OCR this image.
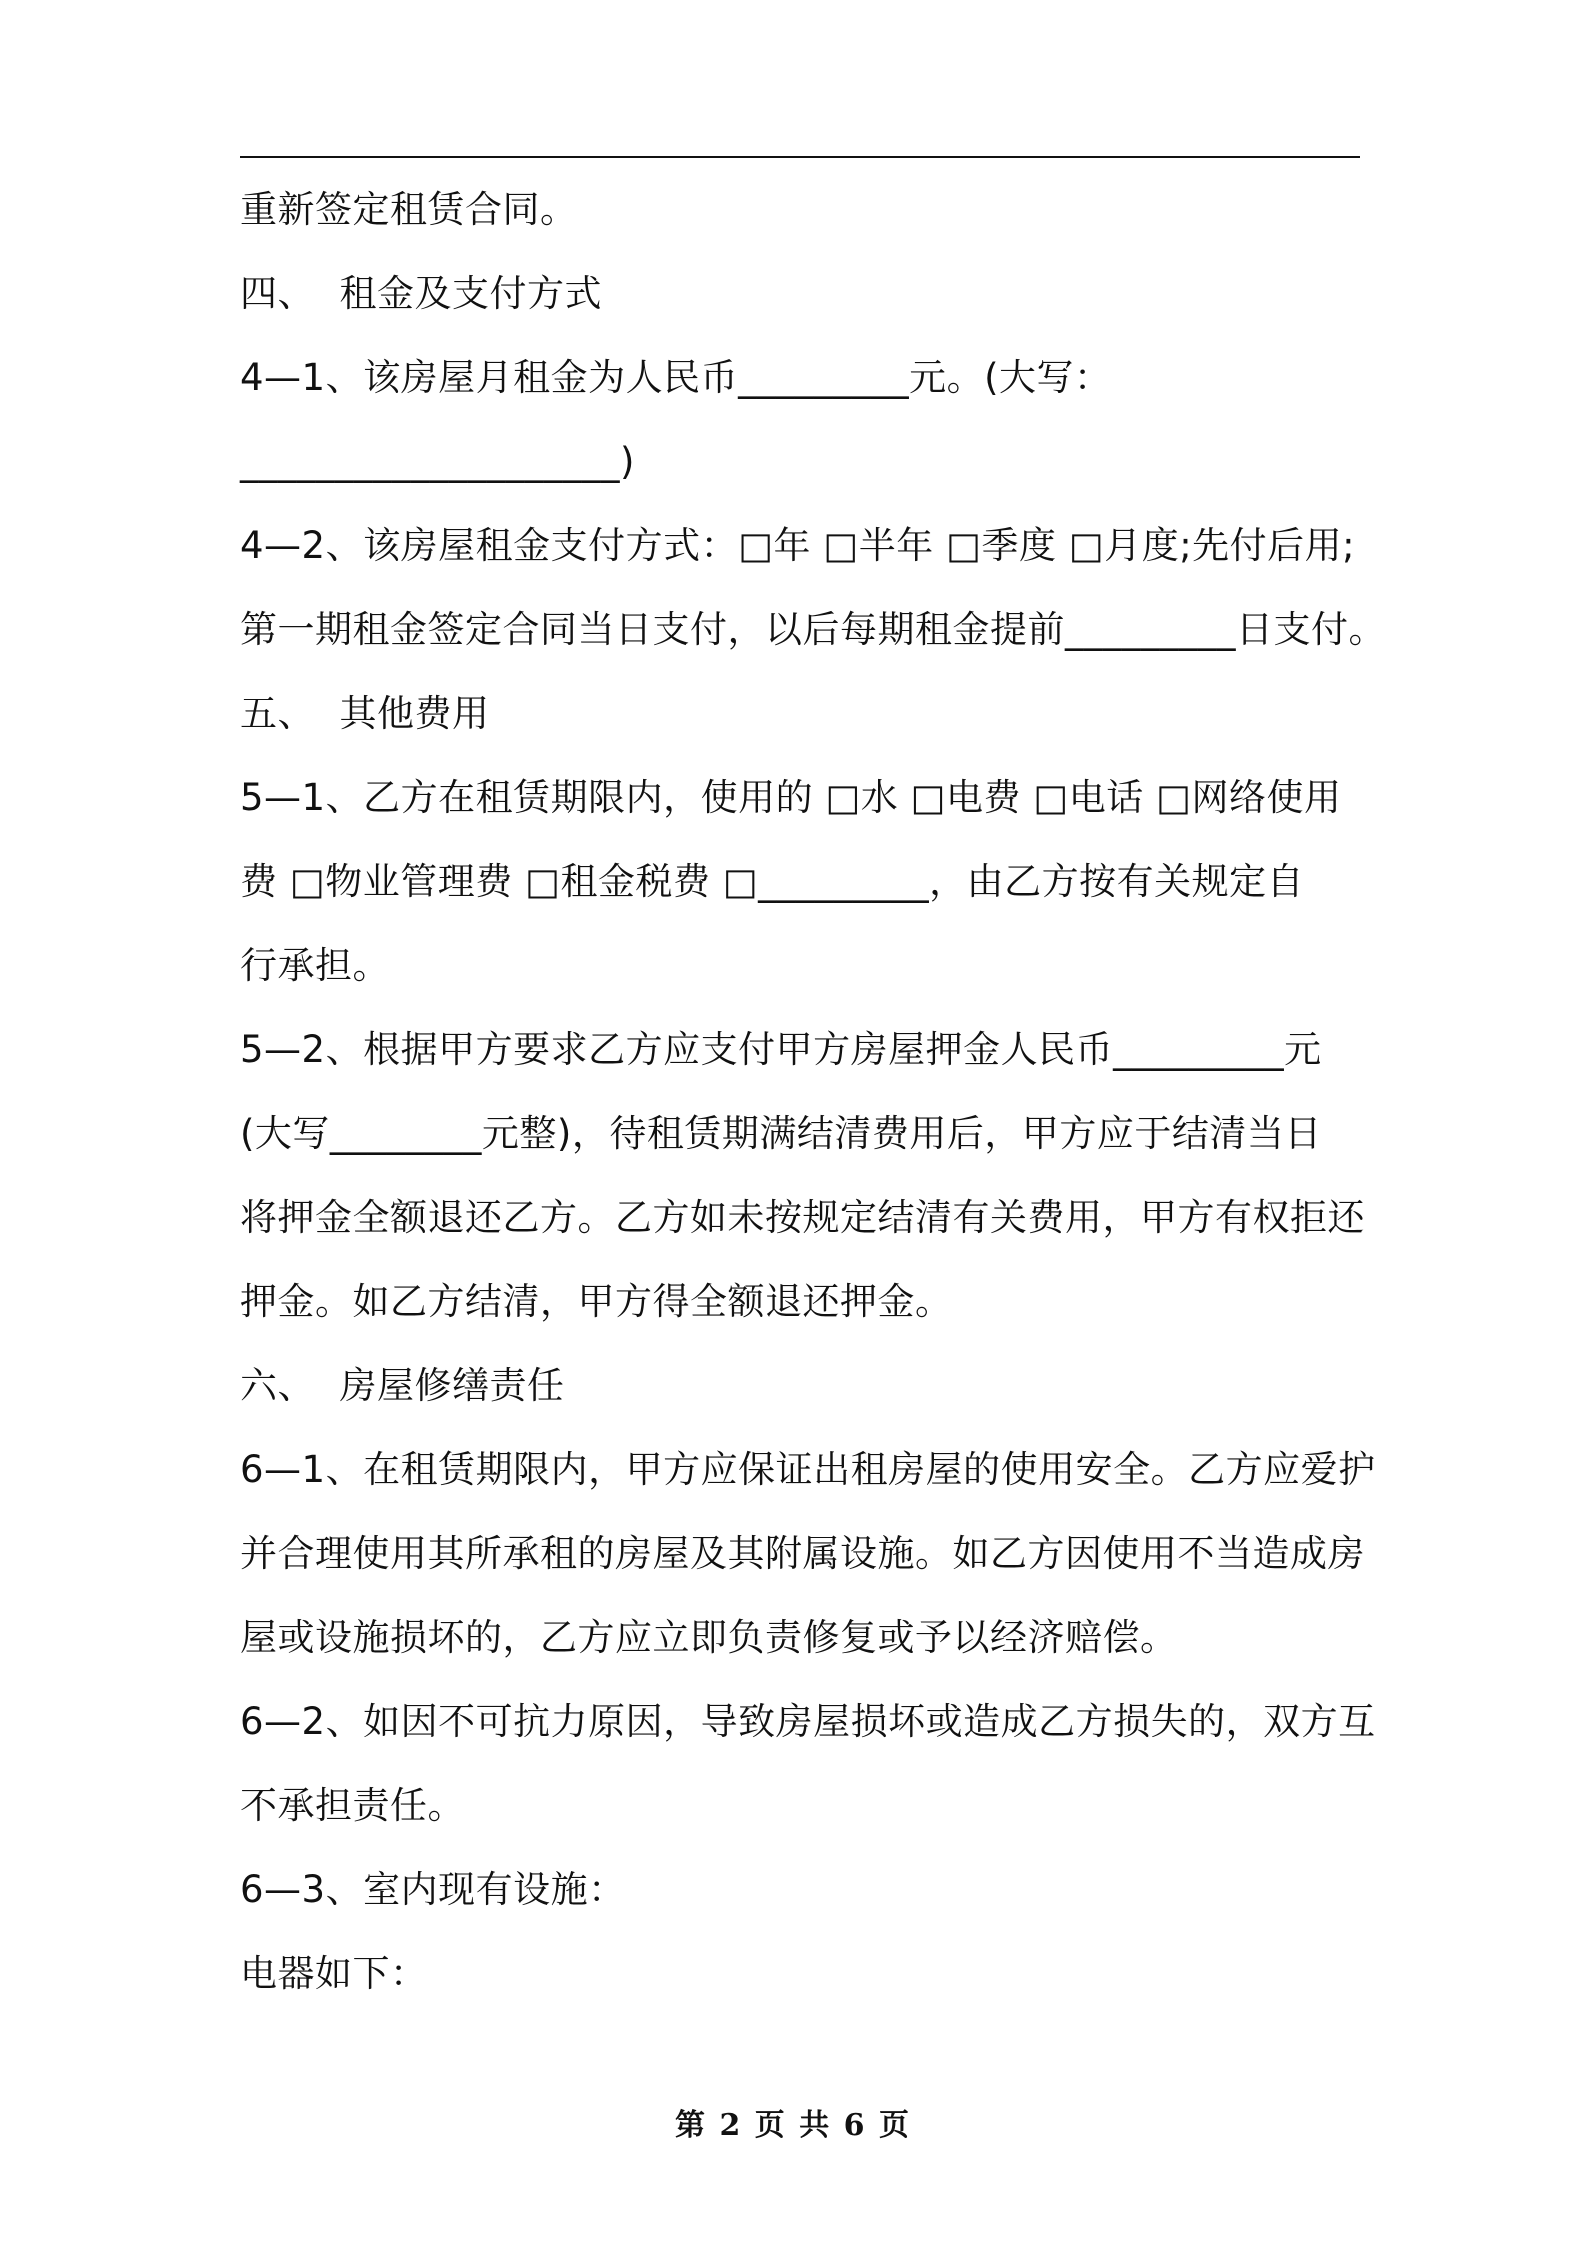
重新签定租赁合同。
四、  租金及支付方式
4—1、该房屋月租金为人民币_________元。(大写：
____________________)
4—2、该房屋租金支付方式：□年 □半年 □季度 □月度;先付后用;
第一期租金签定合同当日支付，以后每期租金提前_________日支付。
五、  其他费用
5—1、乙方在租赁期限内，使用的 □水 □电费 □电话 □网络使用
费 □物业管理费 □租金税费 □_________，由乙方按有关规定自
行承担。
5—2、根据甲方要求乙方应支付甲方房屋押金人民币_________元
(大写________元整)，待租赁期满结清费用后，甲方应于结清当日
将押金全额退还乙方。乙方如未按规定结清有关费用，甲方有权拒还
押金。如乙方结清，甲方得全额退还押金。
六、  房屋修缮责任
6—1、在租赁期限内，甲方应保证出租房屋的使用安全。乙方应爱护
并合理使用其所承租的房屋及其附属设施。如乙方因使用不当造成房
屋或设施损坏的，乙方应立即负责修复或予以经济赔偿。
6—2、如因不可抗力原因，导致房屋损坏或造成乙方损失的，双方互
不承担责任。
6—3、室内现有设施：
电器如下：
第 2 页 共 6 页
